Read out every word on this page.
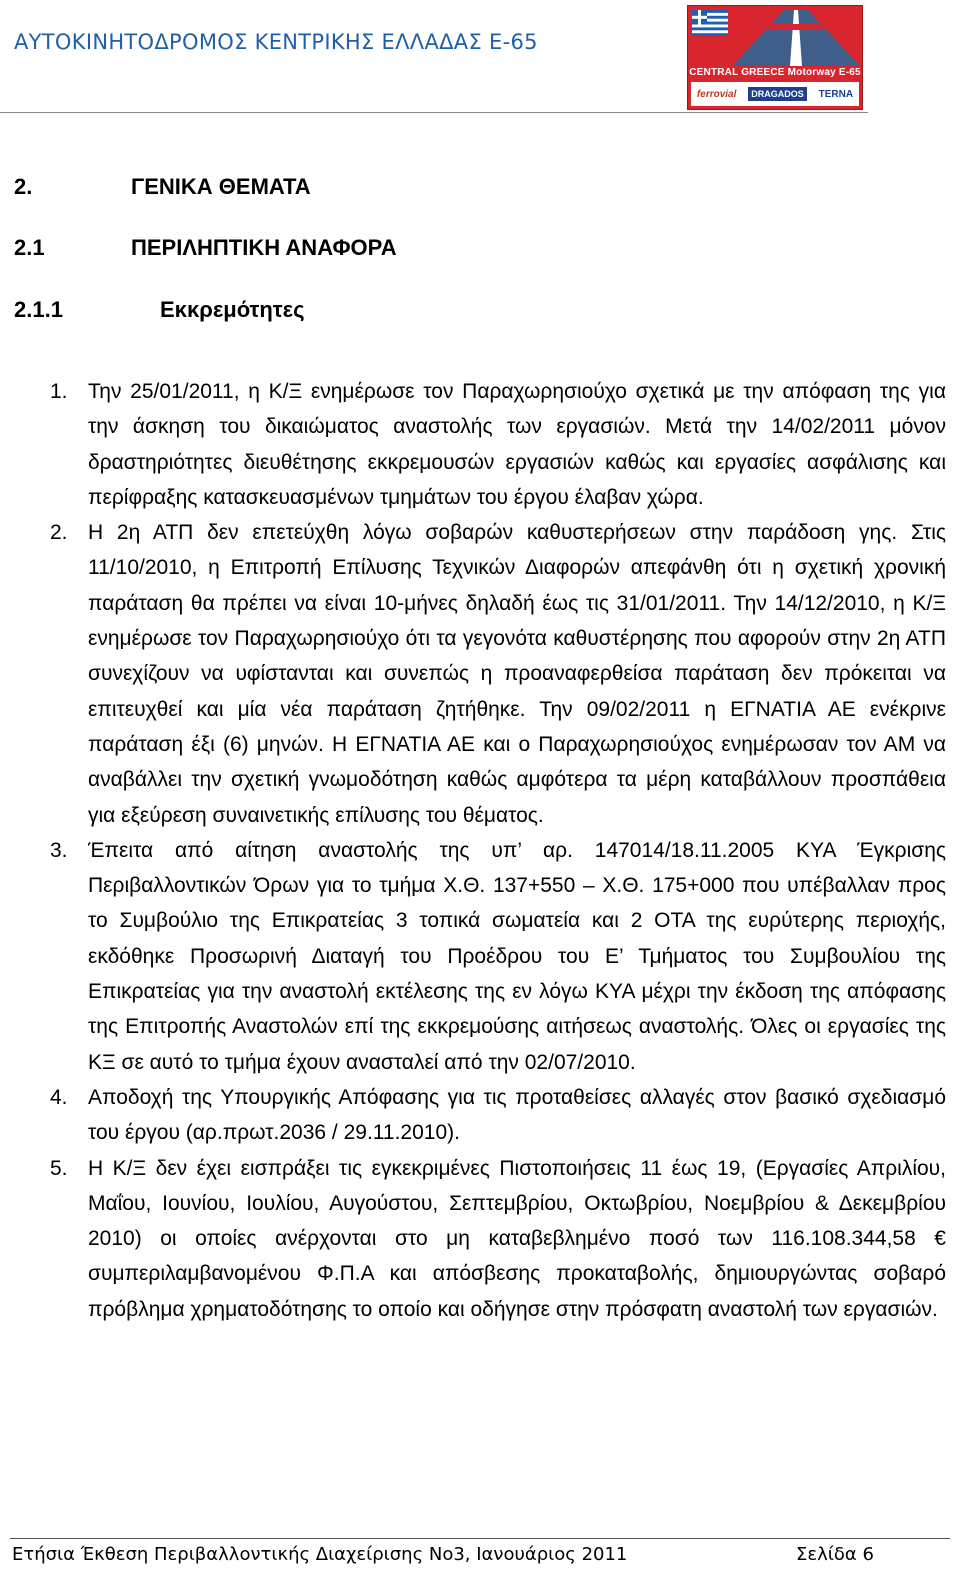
ΑΥΤΟΚΙΝΗΤΟΔΡΟΜΟΣ ΚΕΝΤΡΙΚΗΣ ΕΛΛΑΔΑΣ Ε-65
CENTRAL GREECE Motorway E-65
ferrovial	DRAGADOS	TERNA
2.	ΓΕΝΙΚΑ ΘΕΜΑΤΑ
2.1	ΠΕΡΙΛΗΠΤΙΚΗ ΑΝΑΦΟΡΑ
2.1.1	Εκκρεμότητες
1. Την 25/01/2011, η Κ/Ξ ενημέρωσε τον Παραχωρησιούχο σχετικά με την απόφαση της για την άσκηση του δικαιώματος αναστολής των εργασιών. Μετά την 14/02/2011 μόνον δραστηριότητες διευθέτησης εκκρεμουσών εργασιών καθώς και εργασίες ασφάλισης και περίφραξης κατασκευασμένων τμημάτων του έργου έλαβαν χώρα.
2. Η 2η ΑΤΠ δεν επετεύχθη λόγω σοβαρών καθυστερήσεων στην παράδοση γης. Στις 11/10/2010, η Επιτροπή Επίλυσης Τεχνικών Διαφορών απεφάνθη ότι η σχετική χρονική παράταση θα πρέπει να είναι 10-μήνες δηλαδή έως τις 31/01/2011. Την 14/12/2010, η Κ/Ξ ενημέρωσε τον Παραχωρησιούχο ότι τα γεγονότα καθυστέρησης που αφορούν στην 2η ΑΤΠ συνεχίζουν να υφίστανται και συνεπώς η προαναφερθείσα παράταση δεν πρόκειται να επιτευχθεί και μία νέα παράταση ζητήθηκε. Την 09/02/2011 η ΕΓΝΑΤΙΑ ΑΕ ενέκρινε παράταση έξι (6) μηνών. Η ΕΓΝΑΤΙΑ ΑΕ και ο Παραχωρησιούχος ενημέρωσαν τον ΑΜ να αναβάλλει την σχετική γνωμοδότηση καθώς αμφότερα τα μέρη καταβάλλουν προσπάθεια για εξεύρεση συναινετικής επίλυσης του θέματος.
3. Έπειτα από αίτηση αναστολής της υπ’ αρ. 147014/18.11.2005 ΚΥΑ Έγκρισης Περιβαλλοντικών Όρων για το τμήμα Χ.Θ. 137+550 – Χ.Θ. 175+000 που υπέβαλλαν προς το Συμβούλιο της Επικρατείας 3 τοπικά σωματεία και 2 ΟΤΑ της ευρύτερης περιοχής, εκδόθηκε Προσωρινή Διαταγή του Προέδρου του Ε’ Τμήματος του Συμβουλίου της Επικρατείας για την αναστολή εκτέλεσης της εν λόγω ΚΥΑ μέχρι την έκδοση της απόφασης της Επιτροπής Αναστολών επί της εκκρεμούσης αιτήσεως αναστολής. Όλες οι εργασίες της ΚΞ σε αυτό το τμήμα έχουν ανασταλεί από την 02/07/2010.
4. Αποδοχή της Υπουργικής Απόφασης για τις προταθείσες αλλαγές στον βασικό σχεδιασμό του έργου (αρ.πρωτ.2036 / 29.11.2010).
5. Η Κ/Ξ δεν έχει εισπράξει τις εγκεκριμένες Πιστοποιήσεις 11 έως 19, (Εργασίες Απριλίου, Μαΐου, Ιουνίου, Ιουλίου, Αυγούστου, Σεπτεμβρίου, Οκτωβρίου, Νοεμβρίου & Δεκεμβρίου 2010) οι οποίες ανέρχονται στο μη καταβεβλημένο ποσό των 116.108.344,58 € συμπεριλαμβανομένου Φ.Π.Α και απόσβεσης προκαταβολής, δημιουργώντας σοβαρό πρόβλημα χρηματοδότησης το οποίο και οδήγησε στην πρόσφατη αναστολή των εργασιών.
Ετήσια Έκθεση Περιβαλλοντικής Διαχείρισης Νο3, Ιανουάριος 2011	Σελίδα 6
